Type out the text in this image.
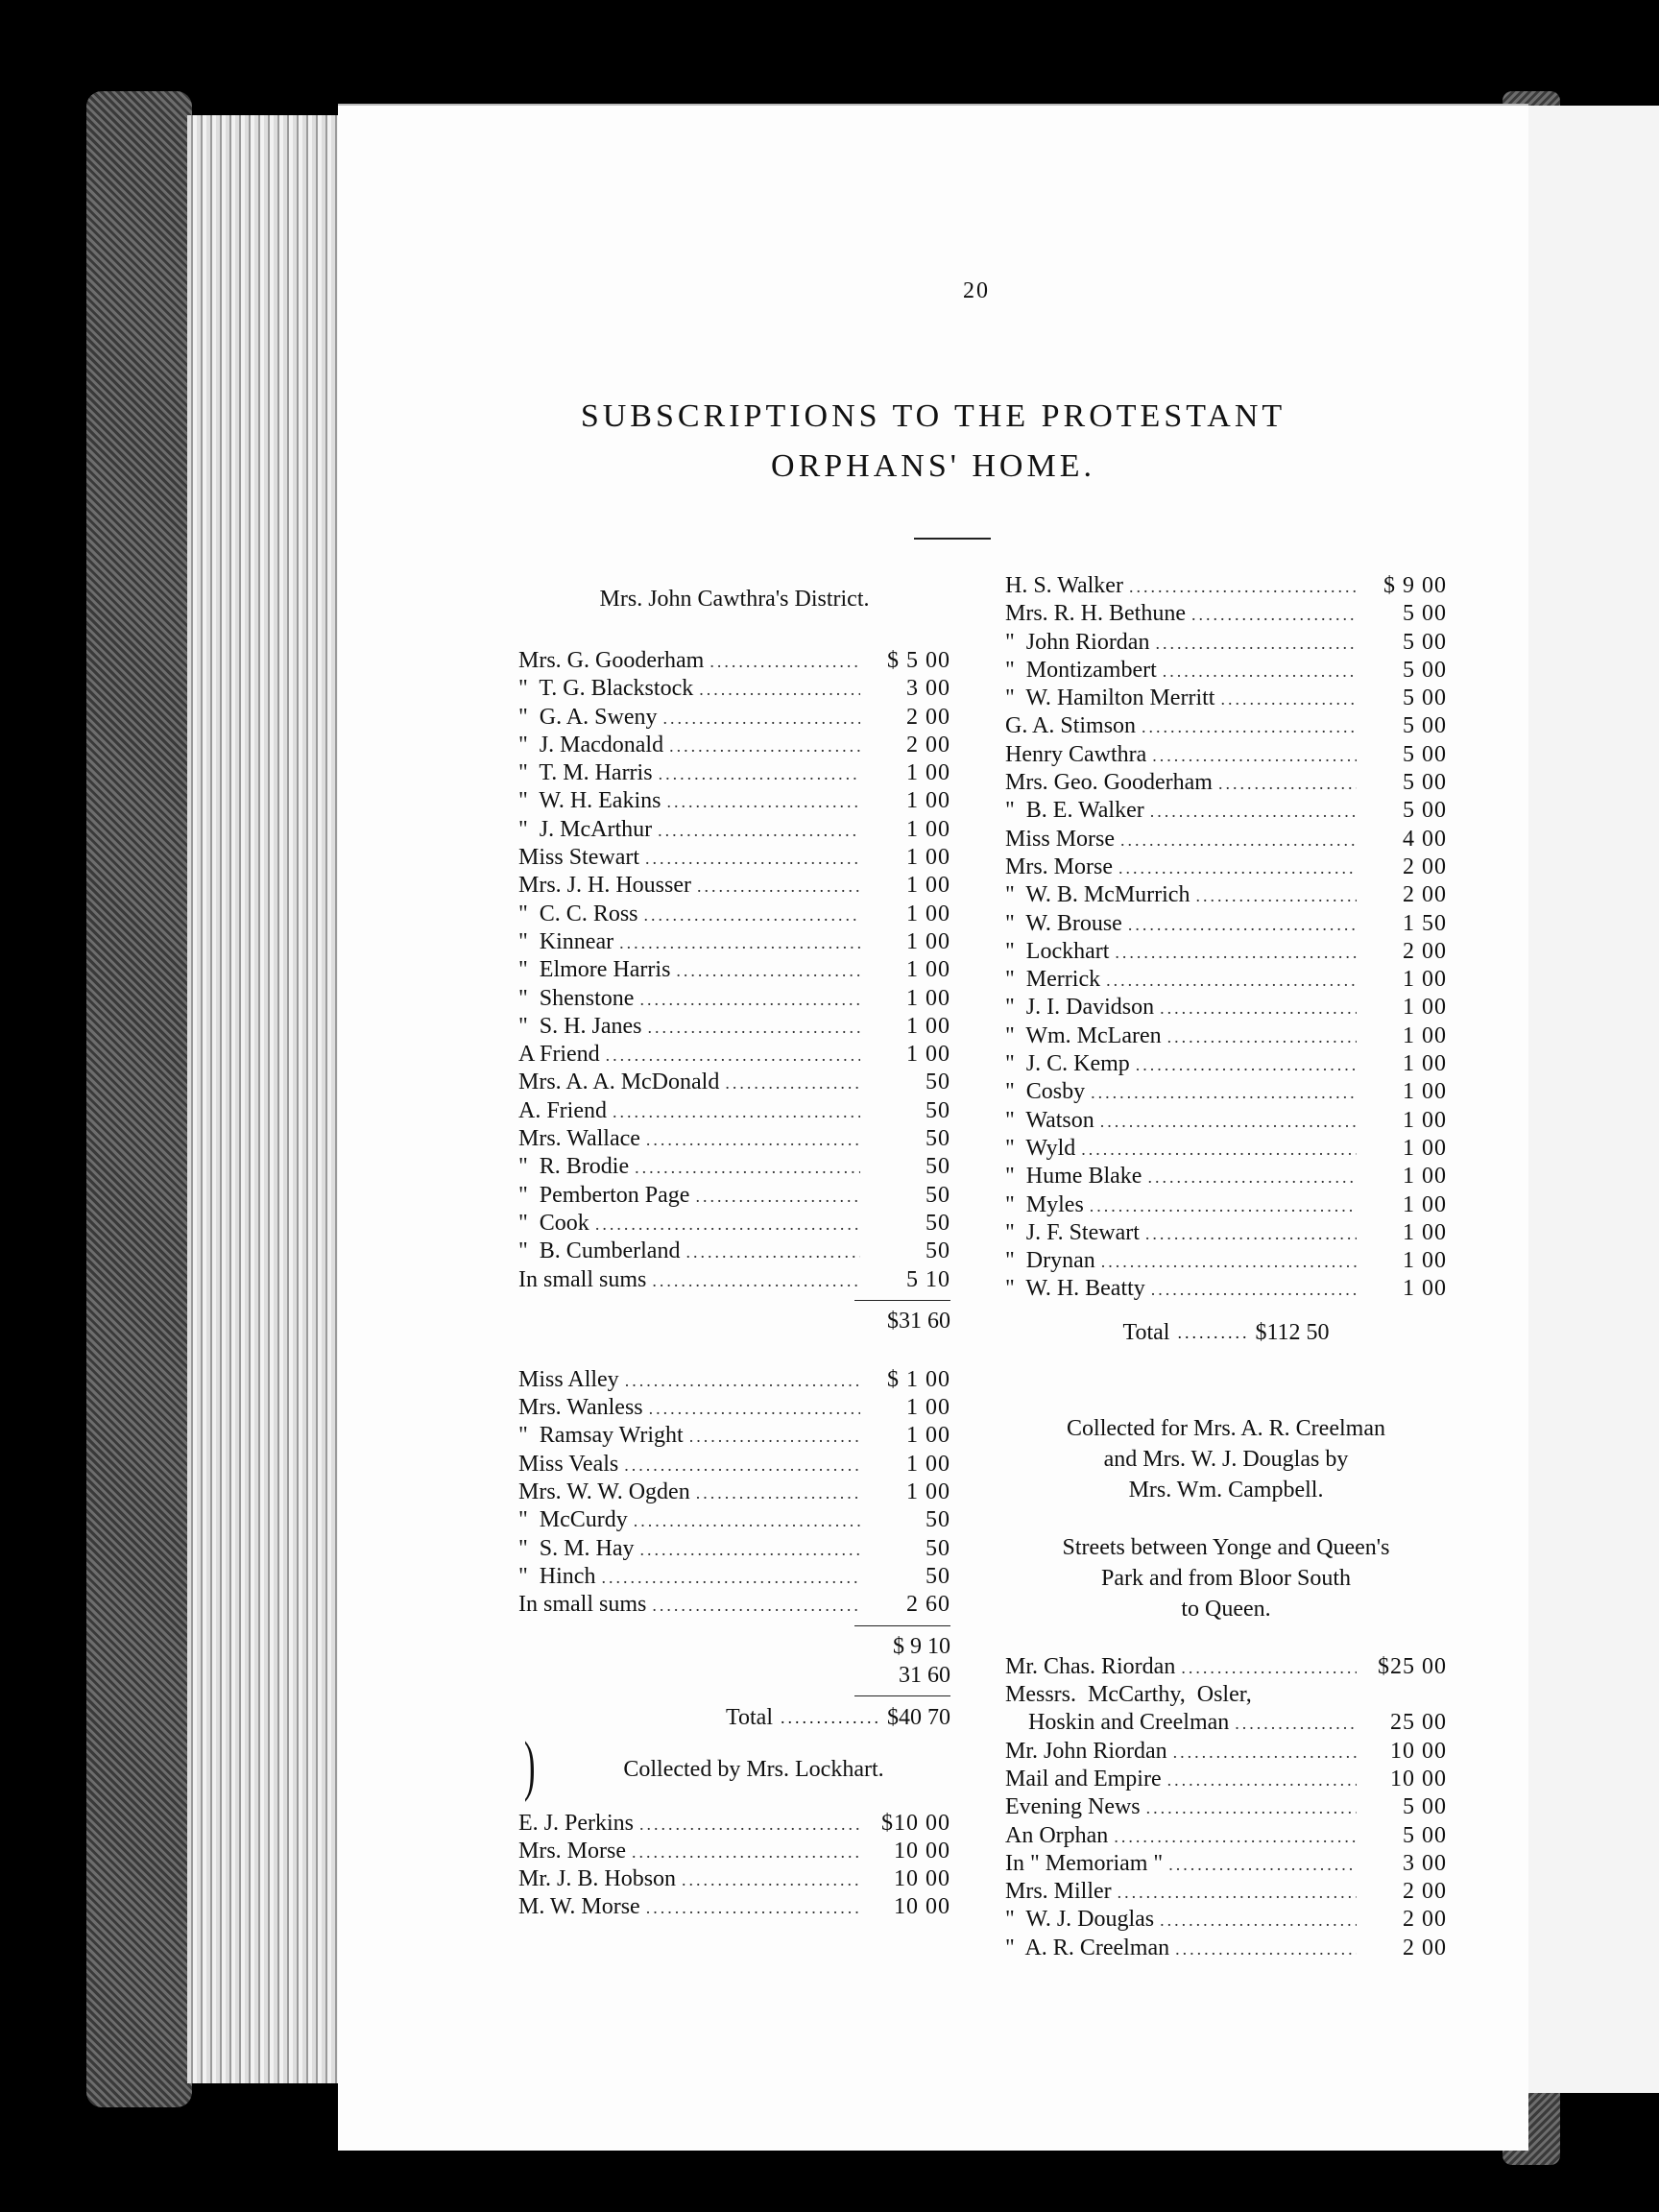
20
SUBSCRIPTIONS TO THE PROTESTANT
ORPHANS' HOME.
Mrs. John Cawthra's District.
Mrs. G. Gooderham .....	$ 5 00
"  T. G. Blackstock .....	3 00
"  G. A. Sweny .....	2 00
"  J. Macdonald .....	2 00
"  T. M. Harris .....	1 00
"  W. H. Eakins .....	1 00
"  J. McArthur .....	1 00
Miss Stewart .....	1 00
Mrs. J. H. Housser .....	1 00
"  C. C. Ross .....	1 00
"  Kinnear .....	1 00
"  Elmore Harris .....	1 00
"  Shenstone .....	1 00
"  S. H. Janes .....	1 00
A Friend .....	1 00
Mrs. A. A. McDonald .....	50
A. Friend .....	50
Mrs. Wallace .....	50
"  R. Brodie .....	50
"  Pemberton Page .....	50
"  Cook .....	50
"  B. Cumberland .....	50
In small sums .....	5 10
$31 60
Miss Alley .....	$ 1 00
Mrs. Wanless .....	1 00
"  Ramsay Wright .....	1 00
Miss Veals .....	1 00
Mrs. W. W. Ogden .....	1 00
"  McCurdy .....	50
"  S. M. Hay .....	50
"  Hinch .....	50
In small sums .....	2 60
$ 9 10
31 60
Total .............. $40 70
)	Collected by Mrs. Lockhart.
E. J. Perkins .....	$10 00
Mrs. Morse .....	10 00
Mr. J. B. Hobson .....	10 00
M. W. Morse .....	10 00
H. S. Walker .....	$ 9 00
Mrs. R. H. Bethune .....	5 00
"  John Riordan .....	5 00
"  Montizambert .....	5 00
"  W. Hamilton Merritt .....	5 00
G. A. Stimson .....	5 00
Henry Cawthra .....	5 00
Mrs. Geo. Gooderham .....	5 00
"  B. E. Walker .....	5 00
Miss Morse .....	4 00
Mrs. Morse .....	2 00
"  W. B. McMurrich .....	2 00
"  W. Brouse .....	1 50
"  Lockhart .....	2 00
"  Merrick .....	1 00
"  J. I. Davidson .....	1 00
"  Wm. McLaren .....	1 00
"  J. C. Kemp .....	1 00
"  Cosby .....	1 00
"  Watson .....	1 00
"  Wyld .....	1 00
"  Hume Blake .....	1 00
"  Myles .....	1 00
"  J. F. Stewart .....	1 00
"  Drynan .....	1 00
"  W. H. Beatty .....	1 00
Total .......... $112 50
Collected for Mrs. A. R. Creelman
and Mrs. W. J. Douglas by
Mrs. Wm. Campbell.
Streets between Yonge and Queen's
Park and from Bloor South
to Queen.
Mr. Chas. Riordan .....	$25 00
Messrs.  McCarthy,  Osler,
Hoskin and Creelman .....	25 00
Mr. John Riordan .....	10 00
Mail and Empire .....	10 00
Evening News .....	5 00
An Orphan .....	5 00
In " Memoriam " .....	3 00
Mrs. Miller .....	2 00
"  W. J. Douglas .....	2 00
"  A. R. Creelman .....	2 00
